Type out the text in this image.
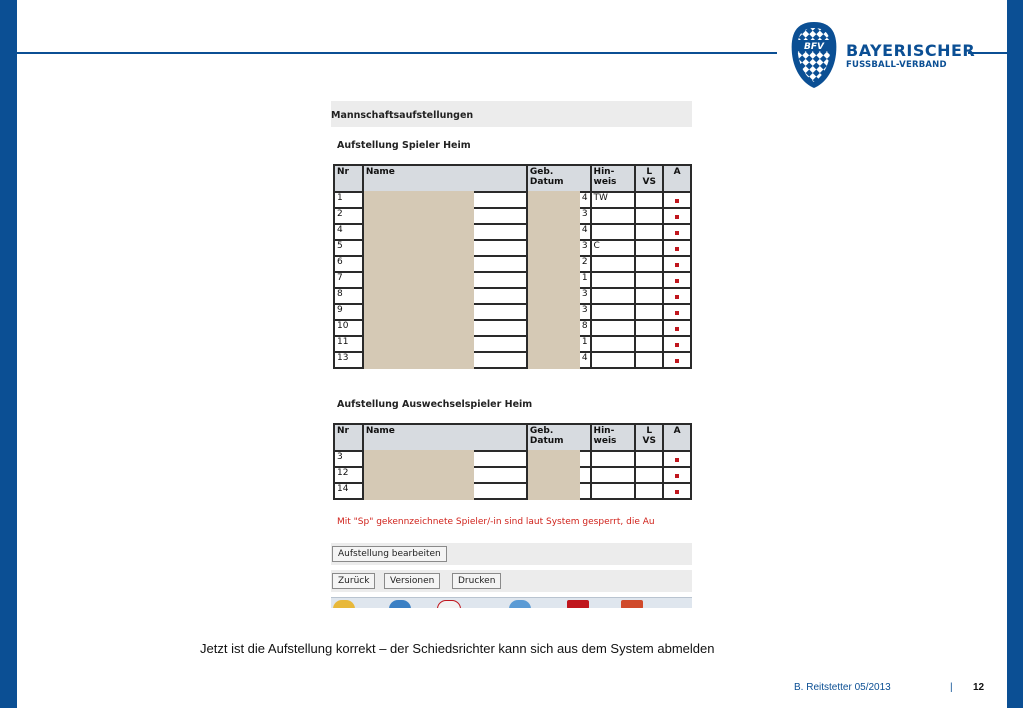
BFV BAYERISCHER
FUSSBALL-VERBAND
Mannschaftsaufstellungen
Aufstellung Spieler Heim
Nr	Name	Geb. Datum	Hin- weis	L VS	A
1		4	TW		
2		3			

4		4			

5		3	C		
6		2			

7		1			

8		3			

9		3			

10		8			

11		1			

13		4			

Aufstellung Auswechselspieler Heim
Nr	Name	Geb. Datum	Hin- weis	L VS	A
3	

12	

14	

Mit "Sp" gekennzeichnete Spieler/-in sind laut System gesperrt, die Au
Aufstellung bearbeiten
Zurück	Versionen	Drucken
Jetzt ist die Aufstellung korrekt – der Schiedsrichter kann sich aus dem System abmelden
B. Reitstetter 05/2013	| 12
